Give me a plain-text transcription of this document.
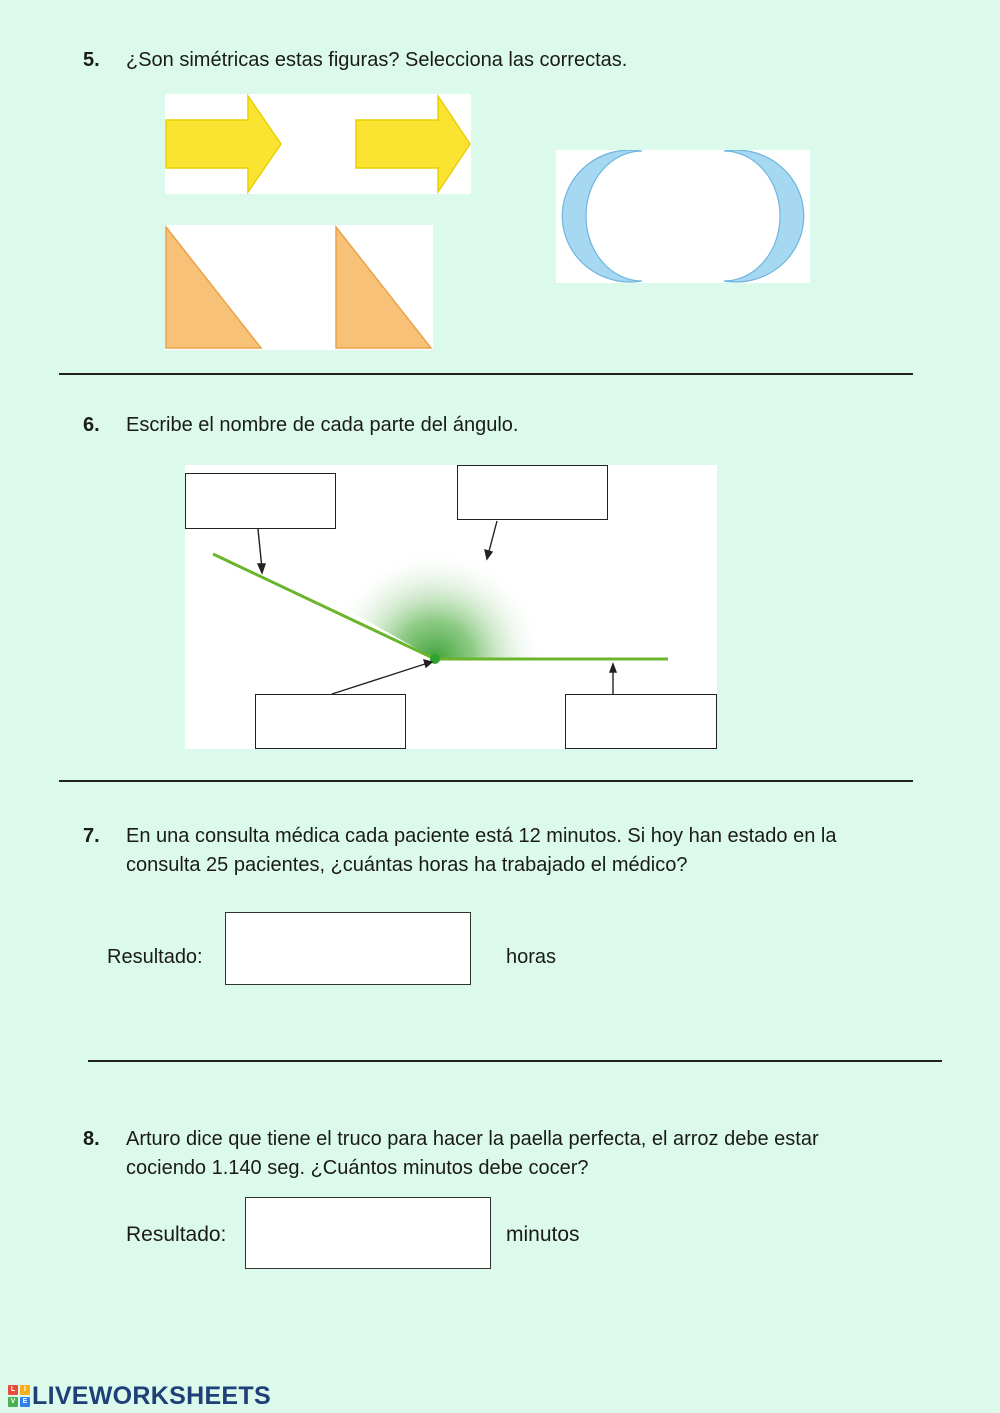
5. ¿Son simétricas estas figuras? Selecciona las correctas.
6. Escribe el nombre de cada parte del ángulo.
7. En una consulta médica cada paciente está 12 minutos. Si hoy han estado en la
consulta 25 pacientes, ¿cuántas horas ha trabajado el médico?
Resultado:	horas
8. Arturo dice que tiene el truco para hacer la paella perfecta, el arroz debe estar
cociendo 1.140 seg. ¿Cuántos minutos debe cocer?
Resultado:	minutos
L	I
V	E LIVEWORKSHEETS
